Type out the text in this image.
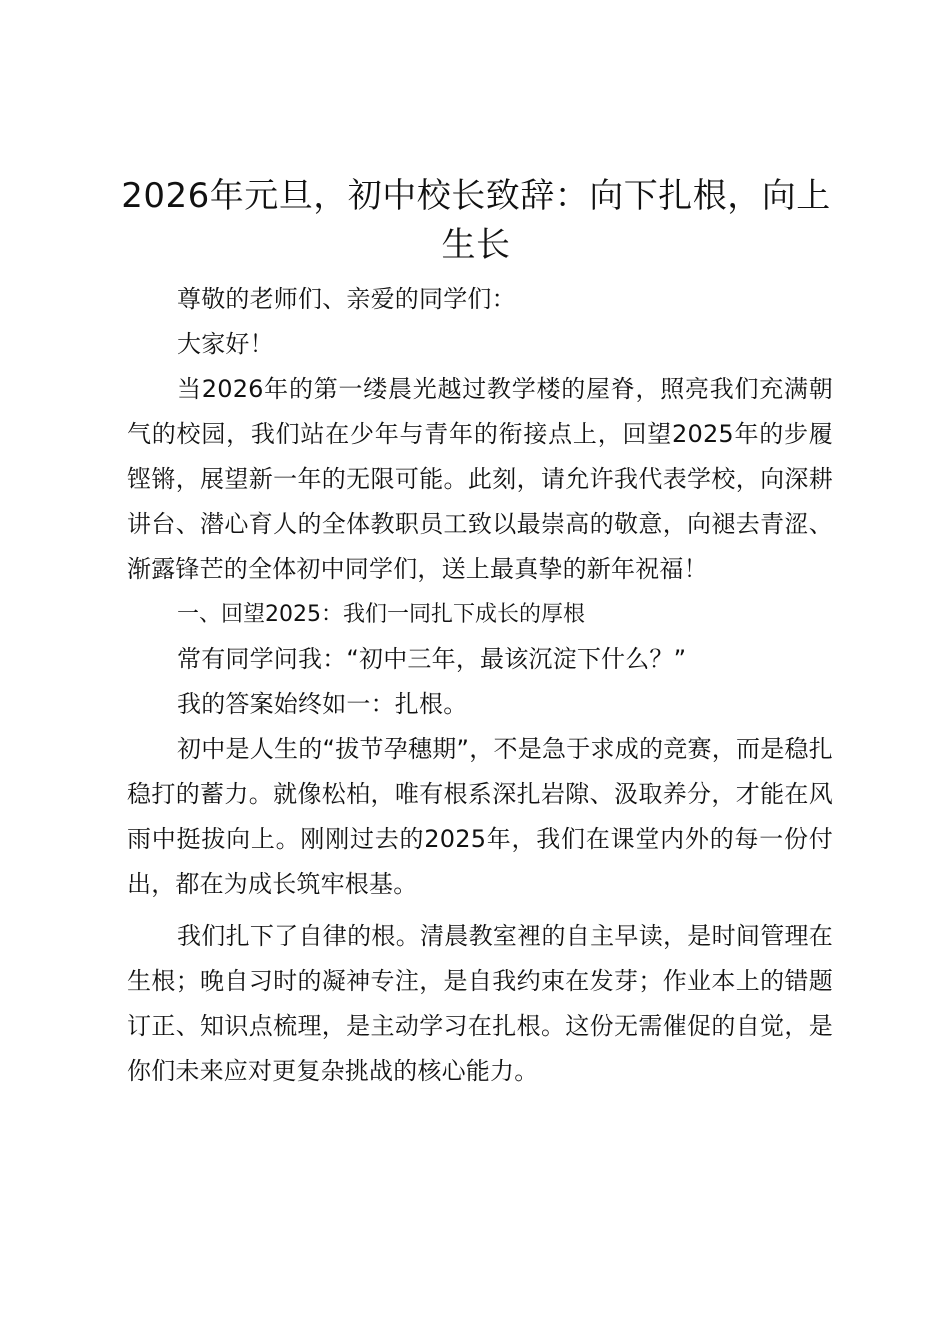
2026年元旦，初中校长致辞：向下扎根，向上生长

尊敬的老师们、亲爱的同学们：

大家好！

当2026年的第一缕晨光越过教学楼的屋脊，照亮我们充满朝气的校园，我们站在少年与青年的衔接点上，回望2025年的步履铿锵，展望新一年的无限可能。此刻，请允许我代表学校，向深耕讲台、潜心育人的全体教职员工致以最崇高的敬意，向褪去青涩、渐露锋芒的全体初中同学们，送上最真挚的新年祝福！

一、回望2025：我们一同扎下成长的厚根

常有同学问我：“初中三年，最该沉淀下什么？”

我的答案始终如一：扎根。

初中是人生的“拔节孕穗期”，不是急于求成的竞赛，而是稳扎稳打的蓄力。就像松柏，唯有根系深扎岩隙、汲取养分，才能在风雨中挺拔向上。刚刚过去的2025年，我们在课堂内外的每一份付出，都在为成长筑牢根基。

我们扎下了自律的根。清晨教室裡的自主早读，是时间管理在生根；晚自习时的凝神专注，是自我约束在发芽；作业本上的错题订正、知识点梳理，是主动学习在扎根。这份无需催促的自觉，是你们未来应对更复杂挑战的核心能力。
